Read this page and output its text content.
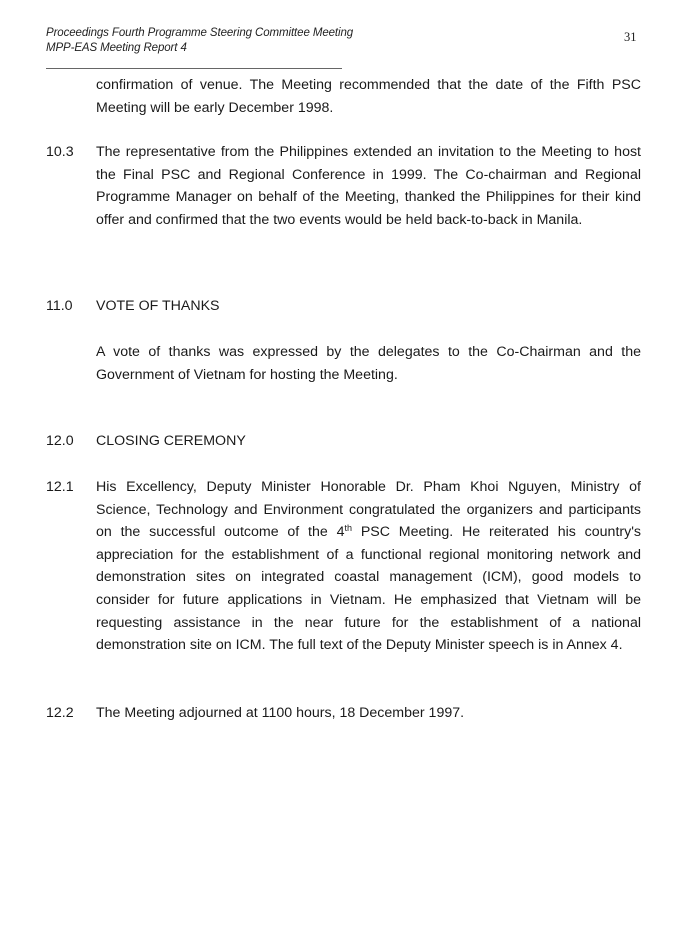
Proceedings Fourth Programme Steering Committee Meeting
MPP-EAS Meeting Report 4
31
confirmation of venue. The Meeting recommended that the date of the Fifth PSC Meeting will be early December 1998.
10.3 The representative from the Philippines extended an invitation to the Meeting to host the Final PSC and Regional Conference in 1999. The Co-chairman and Regional Programme Manager on behalf of the Meeting, thanked the Philippines for their kind offer and confirmed that the two events would be held back-to-back in Manila.
11.0 VOTE OF THANKS
A vote of thanks was expressed by the delegates to the Co-Chairman and the Government of Vietnam for hosting the Meeting.
12.0 CLOSING CEREMONY
12.1 His Excellency, Deputy Minister Honorable Dr. Pham Khoi Nguyen, Ministry of Science, Technology and Environment congratulated the organizers and participants on the successful outcome of the 4th PSC Meeting. He reiterated his country's appreciation for the establishment of a functional regional monitoring network and demonstration sites on integrated coastal management (ICM), good models to consider for future applications in Vietnam. He emphasized that Vietnam will be requesting assistance in the near future for the establishment of a national demonstration site on ICM. The full text of the Deputy Minister speech is in Annex 4.
12.2 The Meeting adjourned at 1100 hours, 18 December 1997.
